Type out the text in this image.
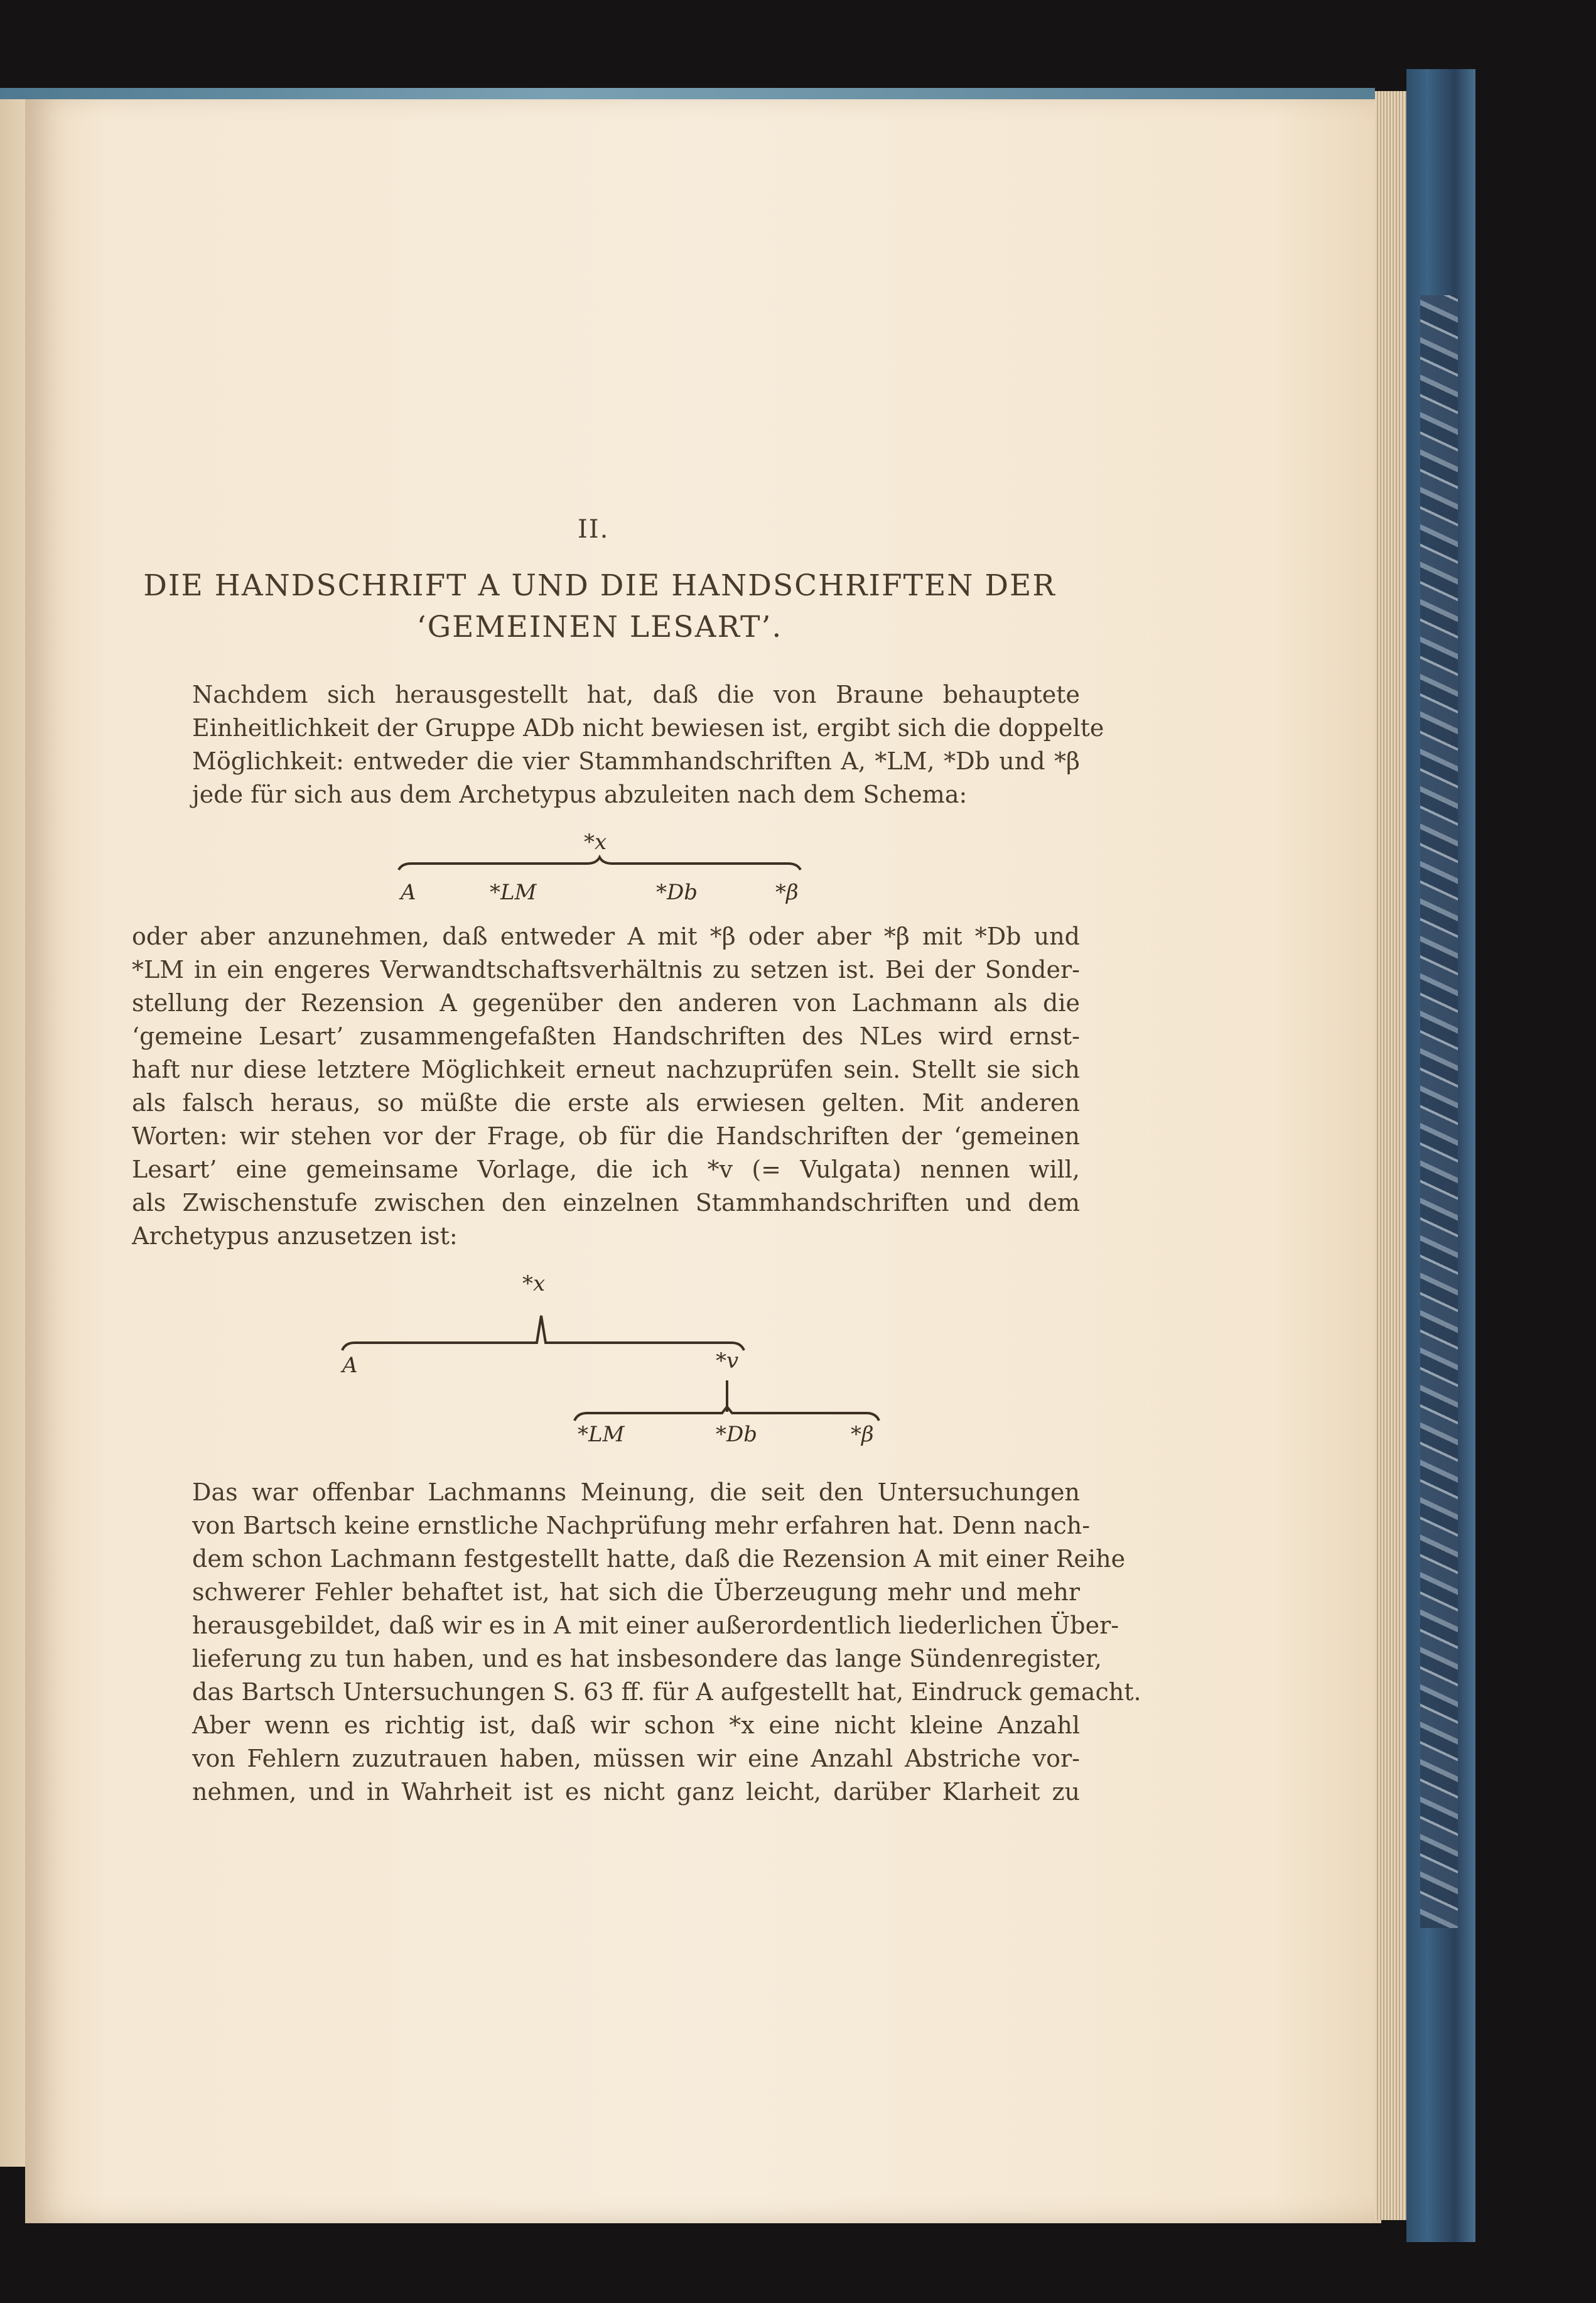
II.
DIE HANDSCHRIFT A UND DIE HANDSCHRIFTEN DER
‘GEMEINEN LESART’.
Nachdem sich herausgestellt hat, daß die von Braune behauptete
Einheitlichkeit der Gruppe ADb nicht bewiesen ist, ergibt sich die doppelte
Möglichkeit: entweder die vier Stammhandschriften A, *LM, *Db und *β
jede für sich aus dem Archetypus abzuleiten nach dem Schema:
*x
A	*LM	*Db	*β
*x
A	*v
*LM	*Db	*β
oder aber anzunehmen, daß entweder A mit *β oder aber *β mit *Db und
*LM in ein engeres Verwandtschaftsverhältnis zu setzen ist. Bei der Sonder-
stellung der Rezension A gegenüber den anderen von Lachmann als die
‘gemeine Lesart’ zusammengefaßten Handschriften des NLes wird ernst-
haft nur diese letztere Möglichkeit erneut nachzuprüfen sein. Stellt sie sich
als falsch heraus, so müßte die erste als erwiesen gelten. Mit anderen
Worten: wir stehen vor der Frage, ob für die Handschriften der ‘gemeinen
Lesart’ eine gemeinsame Vorlage, die ich *v (= Vulgata) nennen will,
als Zwischenstufe zwischen den einzelnen Stammhandschriften und dem
Archetypus anzusetzen ist:
Das war offenbar Lachmanns Meinung, die seit den Untersuchungen
von Bartsch keine ernstliche Nachprüfung mehr erfahren hat. Denn nach-
dem schon Lachmann festgestellt hatte, daß die Rezension A mit einer Reihe
schwerer Fehler behaftet ist, hat sich die Überzeugung mehr und mehr
herausgebildet, daß wir es in A mit einer außerordentlich liederlichen Über-
lieferung zu tun haben, und es hat insbesondere das lange Sündenregister,
das Bartsch Untersuchungen S. 63 ff. für A aufgestellt hat, Eindruck gemacht.
Aber wenn es richtig ist, daß wir schon *x eine nicht kleine Anzahl
von Fehlern zuzutrauen haben, müssen wir eine Anzahl Abstriche vor-
nehmen, und in Wahrheit ist es nicht ganz leicht, darüber Klarheit zu
